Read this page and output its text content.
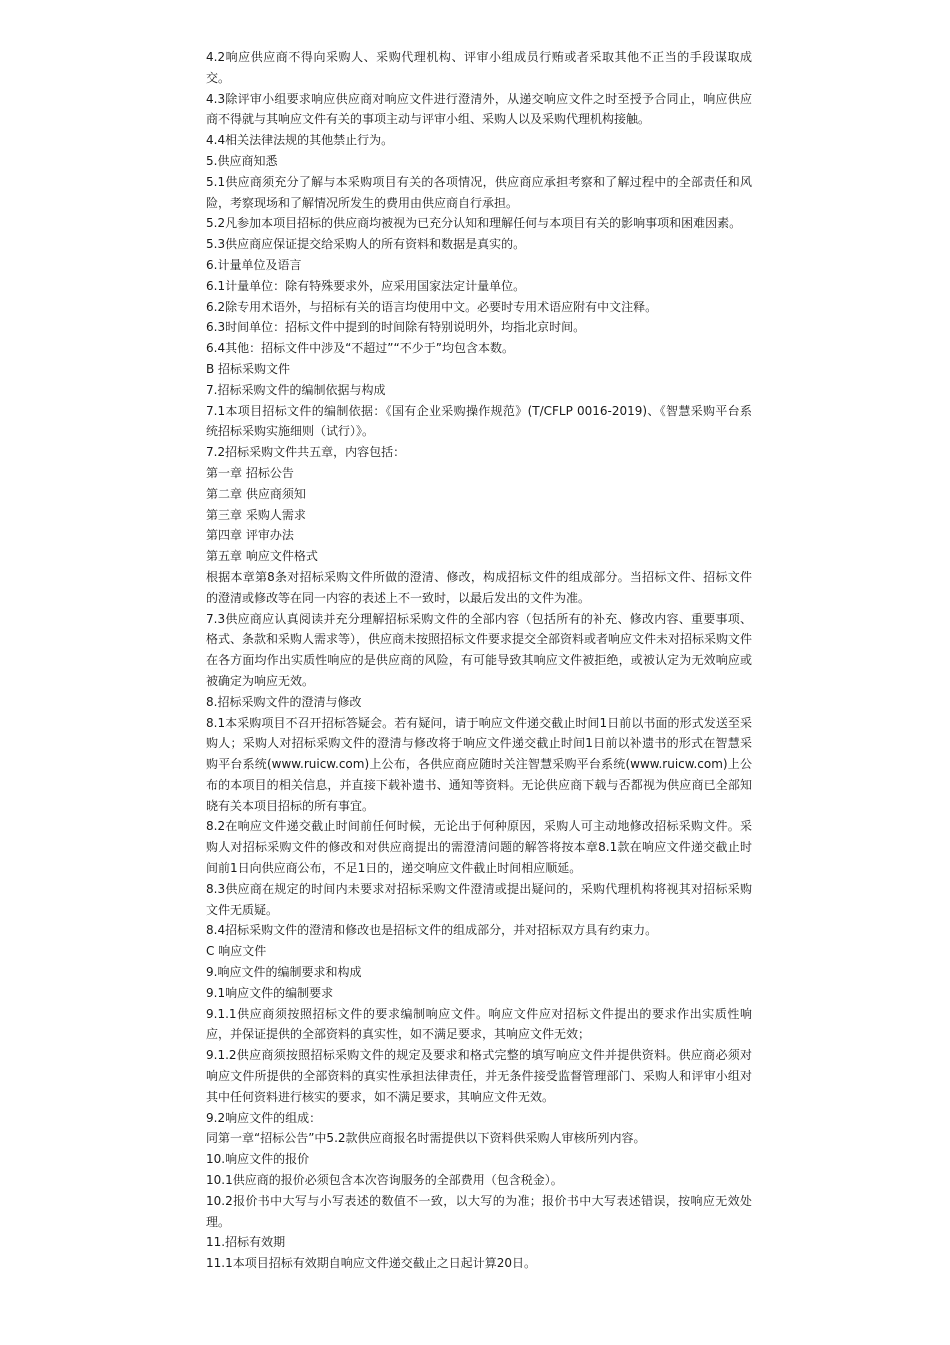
4.2响应供应商不得向采购人、采购代理机构、评审小组成员行贿或者采取其他不正当的手段谋取成交。

4.3除评审小组要求响应供应商对响应文件进行澄清外，从递交响应文件之时至授予合同止，响应供应商不得就与其响应文件有关的事项主动与评审小组、采购人以及采购代理机构接触。

4.4相关法律法规的其他禁止行为。

5.供应商知悉

5.1供应商须充分了解与本采购项目有关的各项情况，供应商应承担考察和了解过程中的全部责任和风险，考察现场和了解情况所发生的费用由供应商自行承担。

5.2凡参加本项目招标的供应商均被视为已充分认知和理解任何与本项目有关的影响事项和困难因素。

5.3供应商应保证提交给采购人的所有资料和数据是真实的。

6.计量单位及语言

6.1计量单位：除有特殊要求外，应采用国家法定计量单位。

6.2除专用术语外，与招标有关的语言均使用中文。必要时专用术语应附有中文注释。

6.3时间单位：招标文件中提到的时间除有特别说明外，均指北京时间。

6.4其他：招标文件中涉及“不超过”“不少于”均包含本数。

B 招标采购文件

7.招标采购文件的编制依据与构成

7.1本项目招标文件的编制依据：《国有企业采购操作规范》(T/CFLP 0016-2019)、《智慧采购平台系统招标采购实施细则（试行）》。

7.2招标采购文件共五章，内容包括：

第一章 招标公告

第二章 供应商须知

第三章 采购人需求

第四章 评审办法

第五章 响应文件格式

根据本章第8条对招标采购文件所做的澄清、修改，构成招标文件的组成部分。当招标文件、招标文件的澄清或修改等在同一内容的表述上不一致时，以最后发出的文件为准。

7.3供应商应认真阅读并充分理解招标采购文件的全部内容（包括所有的补充、修改内容、重要事项、格式、条款和采购人需求等），供应商未按照招标文件要求提交全部资料或者响应文件未对招标采购文件在各方面均作出实质性响应的是供应商的风险，有可能导致其响应文件被拒绝，或被认定为无效响应或被确定为响应无效。

8.招标采购文件的澄清与修改

8.1本采购项目不召开招标答疑会。若有疑问，请于响应文件递交截止时间1日前以书面的形式发送至采购人；采购人对招标采购文件的澄清与修改将于响应文件递交截止时间1日前以补遗书的形式在智慧采购平台系统(www.ruicw.com)上公布，各供应商应随时关注智慧采购平台系统(www.ruicw.com)上公布的本项目的相关信息，并直接下载补遗书、通知等资料。无论供应商下载与否都视为供应商已全部知晓有关本项目招标的所有事宜。

8.2在响应文件递交截止时间前任何时候，无论出于何种原因，采购人可主动地修改招标采购文件。采购人对招标采购文件的修改和对供应商提出的需澄清问题的解答将按本章8.1款在响应文件递交截止时间前1日向供应商公布，不足1日的，递交响应文件截止时间相应顺延。

8.3供应商在规定的时间内未要求对招标采购文件澄清或提出疑问的，采购代理机构将视其对招标采购文件无质疑。

8.4招标采购文件的澄清和修改也是招标文件的组成部分，并对招标双方具有约束力。

C 响应文件

9.响应文件的编制要求和构成

9.1响应文件的编制要求

9.1.1供应商须按照招标文件的要求编制响应文件。响应文件应对招标文件提出的要求作出实质性响应，并保证提供的全部资料的真实性，如不满足要求，其响应文件无效；

9.1.2供应商须按照招标采购文件的规定及要求和格式完整的填写响应文件并提供资料。供应商必须对响应文件所提供的全部资料的真实性承担法律责任，并无条件接受监督管理部门、采购人和评审小组对其中任何资料进行核实的要求，如不满足要求，其响应文件无效。

9.2响应文件的组成：

同第一章“招标公告”中5.2款供应商报名时需提供以下资料供采购人审核所列内容。

10.响应文件的报价

10.1供应商的报价必须包含本次咨询服务的全部费用（包含税金）。

10.2报价书中大写与小写表述的数值不一致，以大写的为准；报价书中大写表述错误，按响应无效处理。

11.招标有效期

11.1本项目招标有效期自响应文件递交截止之日起计算20日。
